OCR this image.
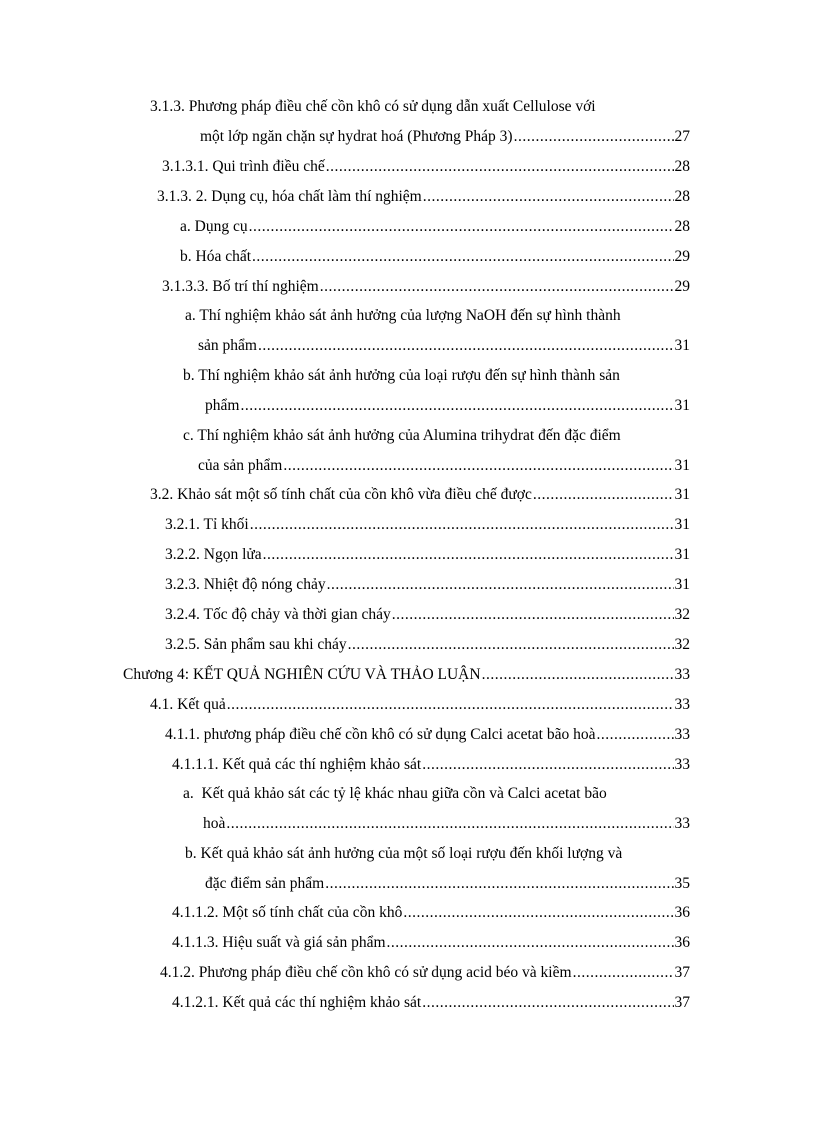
3.1.3. Phương pháp điều chế cồn khô có sử dụng dẫn xuất Cellulose với
một lớp ngăn chặn sự hydrat hoá (Phương Pháp 3) .....	27
3.1.3.1. Qui trình điều chế .....	28
3.1.3. 2. Dụng cụ, hóa chất làm thí nghiệm .....	28
a. Dụng cụ .....	28
b. Hóa chất .....	29
3.1.3.3. Bố trí thí nghiệm .....	29
a. Thí nghiệm khảo sát ảnh hưởng của lượng NaOH đến sự hình thành
sản phẩm .....	31
b. Thí nghiệm khảo sát ảnh hưởng của loại rượu đến sự hình thành sản
phẩm .....	31
c. Thí nghiệm khảo sát ảnh hưởng của Alumina trihydrat đến đặc điểm
của sản phẩm .....	31
3.2. Khảo sát một số tính chất của cồn khô vừa điều chế được .....	31
3.2.1. Tỉ khối .....	31
3.2.2. Ngọn lửa .....	31
3.2.3. Nhiệt độ nóng chảy .....	31
3.2.4. Tốc độ chảy và thời gian cháy .....	32
3.2.5. Sản phẩm sau khi cháy .....	32
Chương 4: KẾT QUẢ NGHIÊN CỨU VÀ THẢO LUẬN .....	33
4.1. Kết quả .....	33
4.1.1. phương pháp điều chế cồn khô có sử dụng Calci acetat bão hoà .....	33
4.1.1.1. Kết quả các thí nghiệm khảo sát .....	33
a.  Kết quả khảo sát các tỷ lệ khác nhau giữa cồn và Calci acetat bão
hoà .....	33
b. Kết quả khảo sát ảnh hưởng của một số loại rượu đến khối lượng và
đặc điểm sản phẩm .....	35
4.1.1.2. Một số tính chất của cồn khô .....	36
4.1.1.3. Hiệu suất và giá sản phẩm .....	36
4.1.2. Phương pháp điều chế cồn khô có sử dụng acid béo và kiềm .....	37
4.1.2.1. Kết quả các thí nghiệm khảo sát .....	37
